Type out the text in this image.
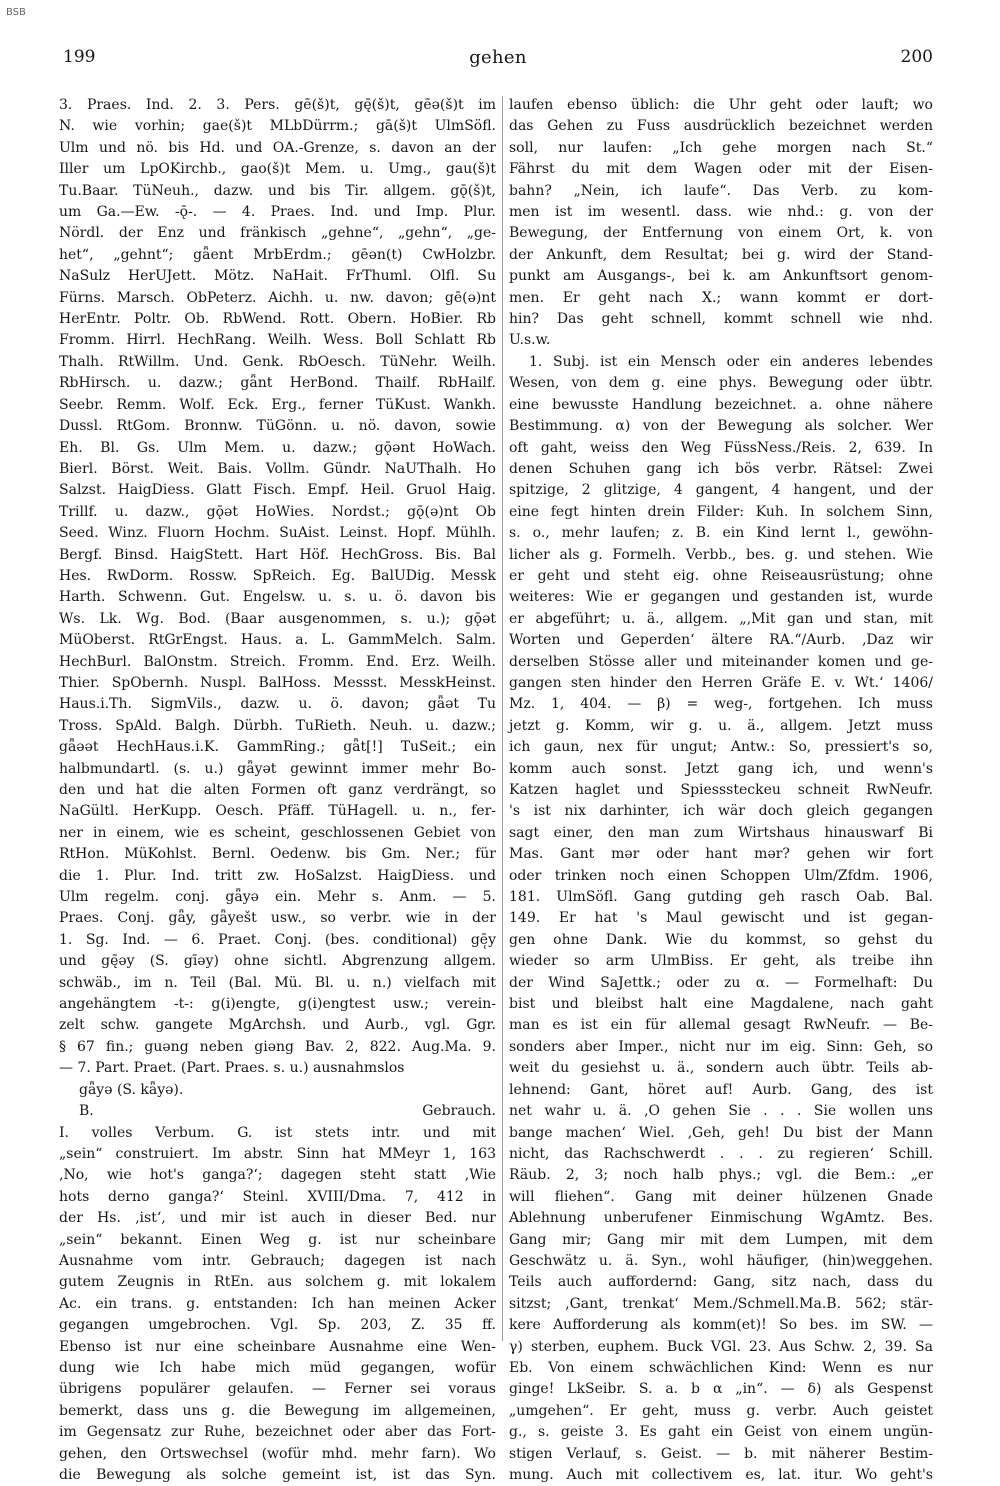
BSB
199	gehen	200
3. Praes. Ind. 2. 3. Pers. gē(š)t, gę̄(š)t, gēə(š)t im
N. wie vorhin; gae(š)t MLbDürrm.; gā(š)t UlmSöfl.
Ulm und nö. bis Hd. und OA.-Grenze, s. davon an der
Iller um LpOKirchb., gao(š)t Mem. u. Umg., gau(š)t
Tu.Baar. TüNeuh., dazw. und bis Tir. allgem. gǭ(š)t,
um Ga.—Ew. -ǭ-. — 4. Praes. Ind. und Imp. Plur.
Nördl. der Enz und fränkisch „gehne“, „gehn“, „ge-
het“, „gehnt“; gǟent MrbErdm.; gēən(t) CwHolzbr.
NaSulz HerUJett. Mötz. NaHait. FrThuml. Olfl. Su
Fürns. Marsch. ObPeterz. Aichh. u. nw. davon; gē(ə)nt
HerEntr. Poltr. Ob. RbWend. Rott. Obern. HoBier. Rb
Fromm. Hirrl. HechRang. Weilh. Wess. Boll Schlatt Rb
Thalh. RtWillm. Und. Genk. RbOesch. TüNehr. Weilh.
RbHirsch. u. dazw.; gǟnt HerBond. Thailf. RbHailf.
Seebr. Remm. Wolf. Eck. Erg., ferner TüKust. Wankh.
Dussl. RtGom. Bronnw. TüGönn. u. nö. davon, sowie
Eh. Bl. Gs. Ulm Mem. u. dazw.; gǭənt HoWach.
Bierl. Börst. Weit. Bais. Vollm. Gündr. NaUThalh. Ho
Salzst. HaigDiess. Glatt Fisch. Empf. Heil. Gruol Haig.
Trillf. u. dazw., gǭət HoWies. Nordst.; gǭ(ə)nt Ob
Seed. Winz. Fluorn Hochm. SuAist. Leinst. Hopf. Mühlh.
Bergf. Binsd. HaigStett. Hart Höf. HechGross. Bis. Bal
Hes. RwDorm. Rossw. SpReich. Eg. BalUDig. Messk
Harth. Schwenn. Gut. Engelsw. u. s. u. ö. davon bis
Ws. Lk. Wg. Bod. (Baar ausgenommen, s. u.); gǭət
MüOberst. RtGrEngst. Haus. a. L. GammMelch. Salm.
HechBurl. BalOnstm. Streich. Fromm. End. Erz. Weilh.
Thier. SpObernh. Nuspl. BalHoss. Messst. MesskHeinst.
Haus.i.Th. SigmVils., dazw. u. ö. davon; gǟət Tu
Tross. SpAld. Balgh. Dürbh. TuRieth. Neuh. u. dazw.;
gǟəət HechHaus.i.K. GammRing.; gǟt[!] TuSeit.; ein
halbmundartl. (s. u.) gǟyət gewinnt immer mehr Bo-
den und hat die alten Formen oft ganz verdrängt, so
NaGültl. HerKupp. Oesch. Pfäff. TüHagell. u. n., fer-
ner in einem, wie es scheint, geschlossenen Gebiet von
RtHon. MüKohlst. Bernl. Oedenw. bis Gm. Ner.; für
die 1. Plur. Ind. tritt zw. HoSalzst. HaigDiess. und
Ulm regelm. conj. gǟyə ein. Mehr s. Anm. — 5.
Praes. Conj. gǟy, gǟyešt usw., so verbr. wie in der
1. Sg. Ind. — 6. Praet. Conj. (bes. conditional) gē̜y
und gę̄əy (S. gīəy) ohne sichtl. Abgrenzung allgem.
schwäb., im n. Teil (Bal. Mü. Bl. u. n.) vielfach mit
angehängtem -t-: g(i)engte, g(i)engtest usw.; verein-
zelt schw. gangete MgArchsh. und Aurb., vgl. Ggr.
§ 67 fin.; guəng neben giəng Bav. 2, 822. Aug.Ma. 9.
— 7. Part. Praet. (Part. Praes. s. u.) ausnahmslos
gǟyə (S. kǟyə).
B. Gebrauch.
I. volles Verbum. G. ist stets intr. und mit
„sein“ construiert. Im abstr. Sinn hat MMeyr 1, 163
‚No, wie hot's ganga?‘; dagegen steht statt ‚Wie
hots derno ganga?‘ Steinl. XVIII/Dma. 7, 412 in
der Hs. ‚ist‘, und mir ist auch in dieser Bed. nur
„sein“ bekannt. Einen Weg g. ist nur scheinbare
Ausnahme vom intr. Gebrauch; dagegen ist nach
gutem Zeugnis in RtEn. aus solchem g. mit lokalem
Ac. ein trans. g. entstanden: Ich han meinen Acker
gegangen umgebrochen. Vgl. Sp. 203, Z. 35 ff.
Ebenso ist nur eine scheinbare Ausnahme eine Wen-
dung wie Ich habe mich müd gegangen, wofür
übrigens populärer gelaufen. — Ferner sei voraus
bemerkt, dass uns g. die Bewegung im allgemeinen,
im Gegensatz zur Ruhe, bezeichnet oder aber das Fort-
gehen, den Ortswechsel (wofür mhd. mehr farn). Wo
die Bewegung als solche gemeint ist, ist das Syn.
laufen ebenso üblich: die Uhr geht oder lauft; wo
das Gehen zu Fuss ausdrücklich bezeichnet werden
soll, nur laufen: „Ich gehe morgen nach St.“
Fährst du mit dem Wagen oder mit der Eisen-
bahn? „Nein, ich laufe“. Das Verb. zu kom-
men ist im wesentl. dass. wie nhd.: g. von der
Bewegung, der Entfernung von einem Ort, k. von
der Ankunft, dem Resultat; bei g. wird der Stand-
punkt am Ausgangs-, bei k. am Ankunftsort genom-
men. Er geht nach X.; wann kommt er dort-
hin? Das geht schnell, kommt schnell wie nhd.
U.s.w.
1. Subj. ist ein Mensch oder ein anderes lebendes
Wesen, von dem g. eine phys. Bewegung oder übtr.
eine bewusste Handlung bezeichnet. a. ohne nähere
Bestimmung. α) von der Bewegung als solcher. Wer
oft gaht, weiss den Weg FüssNess./Reis. 2, 639. In
denen Schuhen gang ich bös verbr. Rätsel: Zwei
spitzige, 2 glitzige, 4 gangent, 4 hangent, und der
eine fegt hinten drein Filder: Kuh. In solchem Sinn,
s. o., mehr laufen; z. B. ein Kind lernt l., gewöhn-
licher als g. Formelh. Verbb., bes. g. und stehen. Wie
er geht und steht eig. ohne Reiseausrüstung; ohne
weiteres: Wie er gegangen und gestanden ist, wurde
er abgeführt; u. ä., allgem. „‚Mit gan und stan, mit
Worten und Geperden‘ ältere RA.“/Aurb. ‚Daz wir
derselben Stösse aller und miteinander komen und ge-
gangen sten hinder den Herren Gräfe E. v. Wt.‘ 1406/
Mz. 1, 404. — β) = weg-, fortgehen. Ich muss
jetzt g. Komm, wir g. u. ä., allgem. Jetzt muss
ich gaun, nex für ungut; Antw.: So, pressiert's so,
komm auch sonst. Jetzt gang ich, und wenn's
Katzen haglet und Spiesssteckeu schneit RwNeufr.
's ist nix darhinter, ich wär doch gleich gegangen
sagt einer, den man zum Wirtshaus hinauswarf Bi
Mas. Gant mər oder hant mər? gehen wir fort
oder trinken noch einen Schoppen Ulm/Zfdm. 1906,
181. UlmSöfl. Gang gutding geh rasch Oab. Bal.
149. Er hat 's Maul gewischt und ist gegan-
gen ohne Dank. Wie du kommst, so gehst du
wieder so arm UlmBiss. Er geht, als treibe ihn
der Wind SaJettk.; oder zu α. — Formelhaft: Du
bist und bleibst halt eine Magdalene, nach gaht
man es ist ein für allemal gesagt RwNeufr. — Be-
sonders aber Imper., nicht nur im eig. Sinn: Geh, so
weit du gesiehst u. ä., sondern auch übtr. Teils ab-
lehnend: Gant, höret auf! Aurb. Gang, des ist
net wahr u. ä. ‚O gehen Sie . . . Sie wollen uns
bange machen‘ Wiel. ‚Geh, geh! Du bist der Mann
nicht, das Rachschwerdt . . . zu regieren‘ Schill.
Räub. 2, 3; noch halb phys.; vgl. die Bem.: „er
will fliehen“. Gang mit deiner hülzenen Gnade
Ablehnung unberufener Einmischung WgAmtz. Bes.
Gang mir; Gang mir mit dem Lumpen, mit dem
Geschwätz u. ä. Syn., wohl häufiger, (hin)weggehen.
Teils auch auffordernd: Gang, sitz nach, dass du
sitzst; ‚Gant, trenkat‘ Mem./Schmell.Ma.B. 562; stär-
kere Aufforderung als komm(et)! So bes. im SW. —
γ) sterben, euphem. Buck VGl. 23. Aus Schw. 2, 39. Sa
Eb. Von einem schwächlichen Kind: Wenn es nur
ginge! LkSeibr. S. a. b α „in“. — δ) als Gespenst
„umgehen“. Er geht, muss g. verbr. Auch geistet
g., s. geiste 3. Es gaht ein Geist von einem ungün-
stigen Verlauf, s. Geist. — b. mit näherer Bestim-
mung. Auch mit collectivem es, lat. itur. Wo geht's
